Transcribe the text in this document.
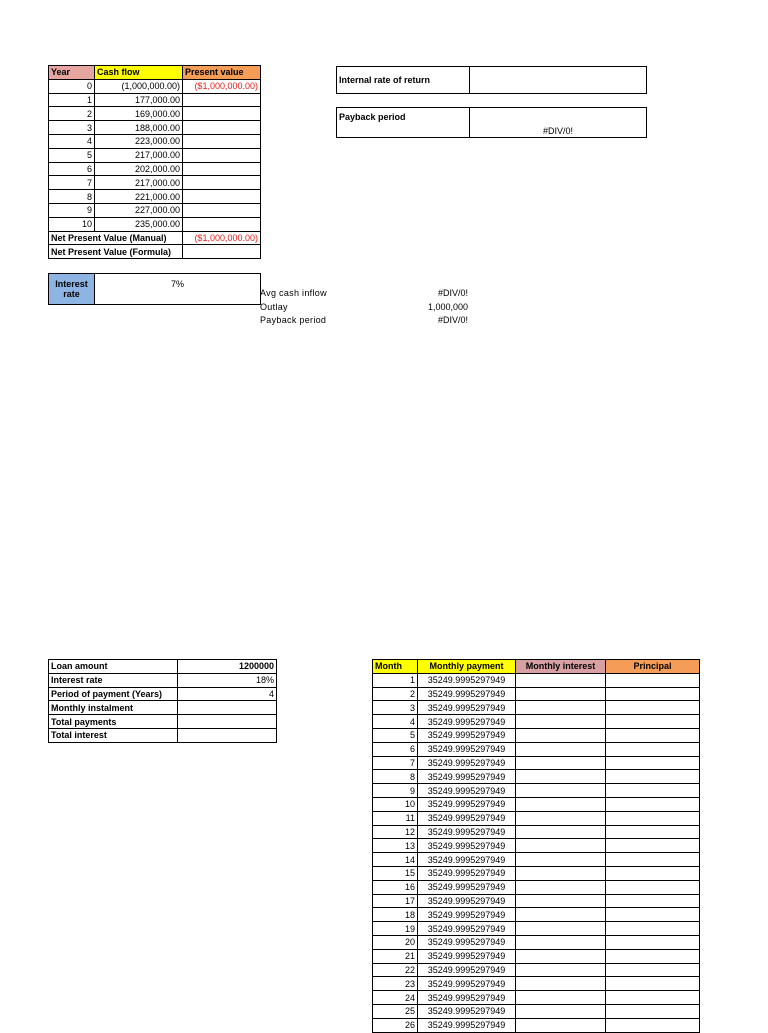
Year	Cash flow	Present value
0	(1,000,000.00)	($1,000,000.00)
1	177,000.00	
2	169,000.00	
3	188,000.00	
4	223,000.00	
5	217,000.00	
6	202,000.00	
7	217,000.00	
8	221,000.00	
9	227,000.00	
10	235,000.00	
Net Present Value (Manual)		($1,000,000.00)
Net Present Value (Formula)		
Internal rate of return	
Payback period	#DIV/0!
Interest rate	7%
Avg cash inflow	#DIV/0!
Outlay	1,000,000
Payback period	#DIV/0!
Loan amount	1200000
Interest rate	18%
Period of payment (Years)	4
Monthly instalment	
Total payments	
Total interest	
Month	Monthly payment	Monthly interest	Principal
1	35249.9995297949		
2	35249.9995297949		
3	35249.9995297949		
4	35249.9995297949		
5	35249.9995297949		
6	35249.9995297949		
7	35249.9995297949		
8	35249.9995297949		
9	35249.9995297949		
10	35249.9995297949		
11	35249.9995297949		
12	35249.9995297949		
13	35249.9995297949		
14	35249.9995297949		
15	35249.9995297949		
16	35249.9995297949		
17	35249.9995297949		
18	35249.9995297949		
19	35249.9995297949		
20	35249.9995297949		
21	35249.9995297949		
22	35249.9995297949		
23	35249.9995297949		
24	35249.9995297949		
25	35249.9995297949		
26	35249.9995297949		
